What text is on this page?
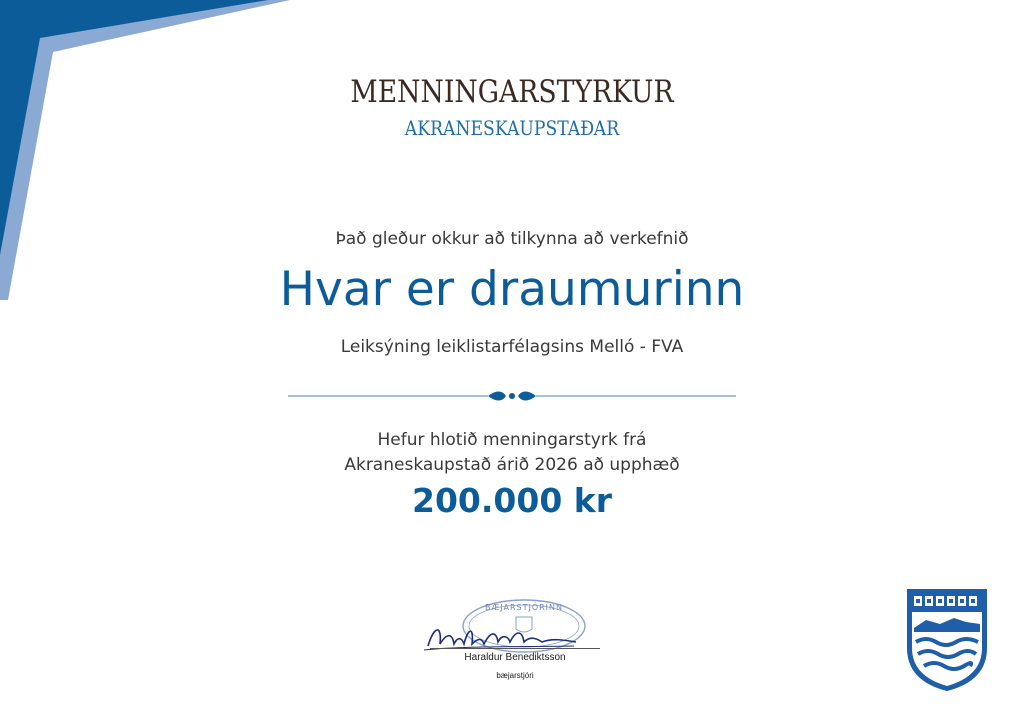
MENNINGARSTYRKUR
AKRANESKAUPSTAÐAR
Það gleður okkur að tilkynna að verkefnið
Hvar er draumurinn
Leiksýning leiklistarfélagsins Melló - FVA
Hefur hlotið menningarstyrk frá
Akraneskaupstað árið 2026 að upphæð
200.000 kr
BÆJARSTJÓRINN
Haraldur Benediktsson
bæjarstjóri
